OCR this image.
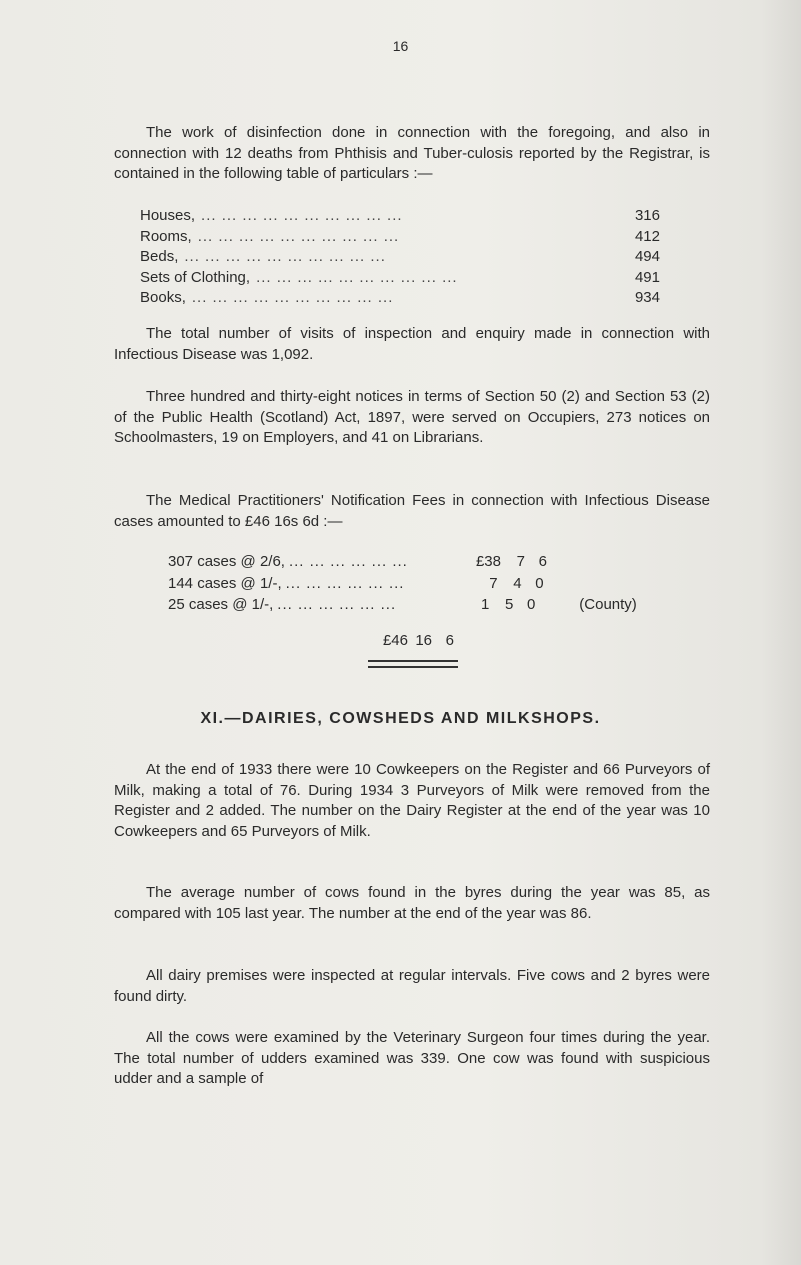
16

The work of disinfection done in connection with the foregoing, and also in connection with 12 deaths from Phthisis and Tuber-culosis reported by the Registrar, is contained in the following table of particulars :—

Houses, ... ... ... ... ... ... ... ... ... ...	316
Rooms, ... ... ... ... ... ... ... ... ... ...	412
Beds, ... ... ... ... ... ... ... ... ... ...	494
Sets of Clothing, ... ... ... ... ... ... ... ... ... ...	491
Books, ... ... ... ... ... ... ... ... ... ...	934

The total number of visits of inspection and enquiry made in connection with Infectious Disease was 1,092.

Three hundred and thirty-eight notices in terms of Section 50 (2) and Section 53 (2) of the Public Health (Scotland) Act, 1897, were served on Occupiers, 273 notices on Schoolmasters, 19 on Employers, and 41 on Librarians.

The Medical Practitioners' Notification Fees in connection with Infectious Disease cases amounted to £46 16s 6d :—

307 cases @ 2/6, ... ... ... ... ... ...	£38	7 6
144 cases @ 1/-, ... ... ... ... ... ...	7	4 0
25 cases @ 1/-, ... ... ... ... ... ...	1	5 0	(County)
£46 16 6
XI.—DAIRIES, COWSHEDS AND MILKSHOPS.

At the end of 1933 there were 10 Cowkeepers on the Register and 66 Purveyors of Milk, making a total of 76. During 1934 3 Purveyors of Milk were removed from the Register and 2 added. The number on the Dairy Register at the end of the year was 10 Cowkeepers and 65 Purveyors of Milk.

The average number of cows found in the byres during the year was 85, as compared with 105 last year. The number at the end of the year was 86.

All dairy premises were inspected at regular intervals. Five cows and 2 byres were found dirty.

All the cows were examined by the Veterinary Surgeon four times during the year. The total number of udders examined was 339. One cow was found with suspicious udder and a sample of
